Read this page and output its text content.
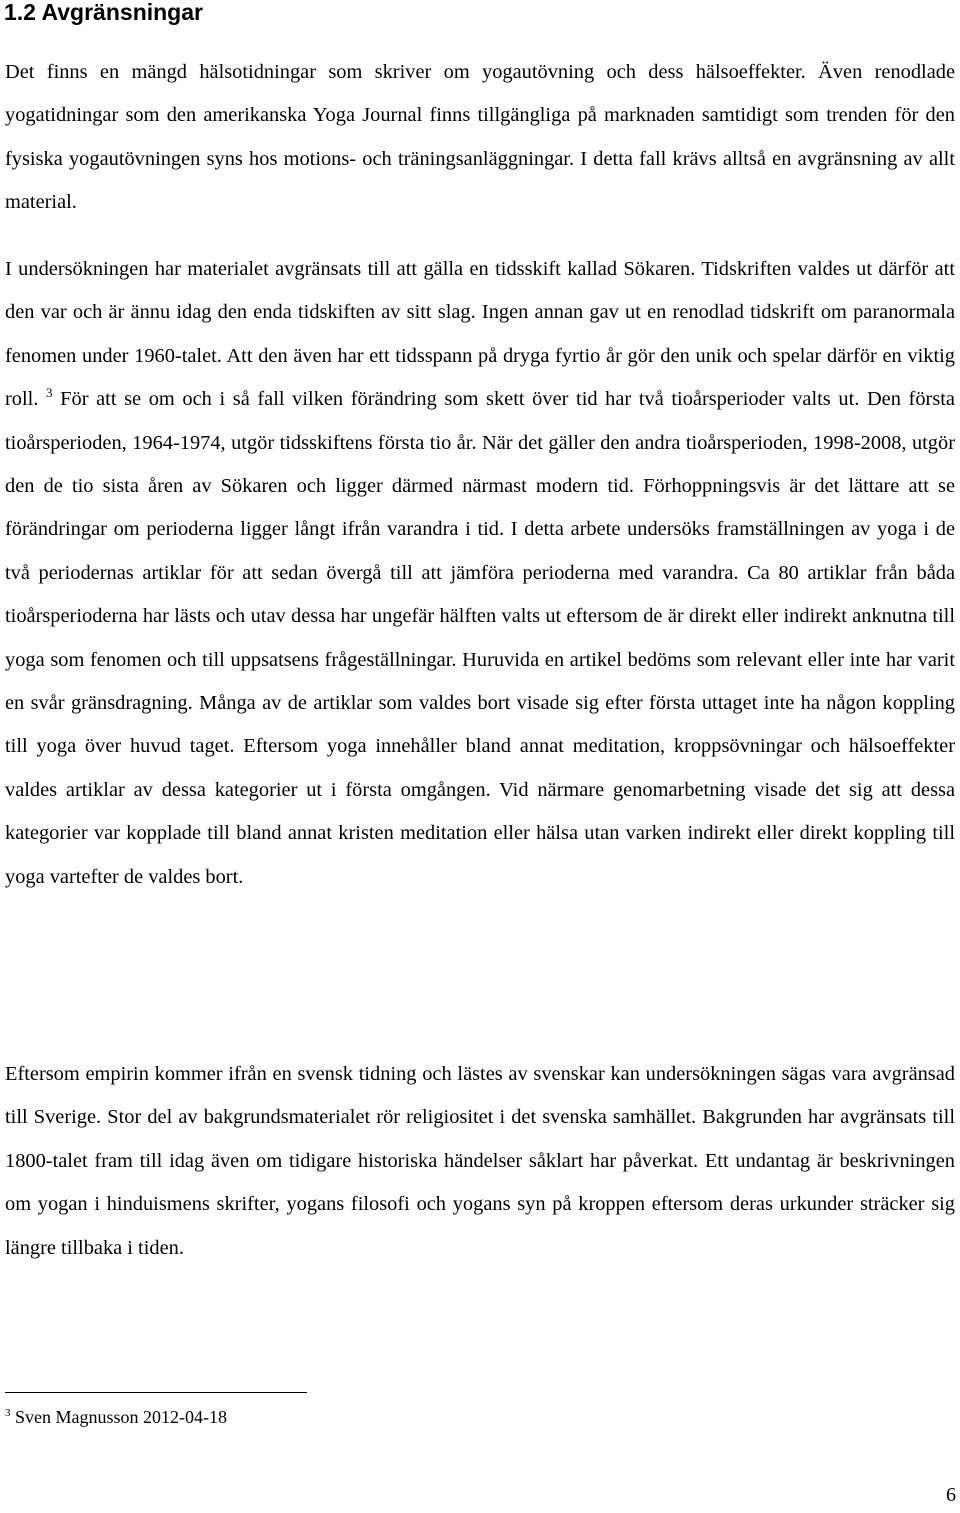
1.2 Avgränsningar

Det finns en mängd hälsotidningar som skriver om yogautövning och dess hälsoeffekter. Även renodlade yogatidningar som den amerikanska Yoga Journal finns tillgängliga på marknaden samtidigt som trenden för den fysiska yogautövningen syns hos motions- och träningsanläggningar. I detta fall krävs alltså en avgränsning av allt material.

I undersökningen har materialet avgränsats till att gälla en tidsskift kallad Sökaren. Tidskriften valdes ut därför att den var och är ännu idag den enda tidskiften av sitt slag. Ingen annan gav ut en renodlad tidskrift om paranormala fenomen under 1960-talet. Att den även har ett tidsspann på dryga fyrtio år gör den unik och spelar därför en viktig roll. $^3$ För att se om och i så fall vilken förändring som skett över tid har två tioårsperioder valts ut. Den första tioårsperioden, 1964-1974, utgör tidsskiftens första tio år. När det gäller den andra tioårsperioden, 1998-2008, utgör den de tio sista åren av Sökaren och ligger därmed närmast modern tid. Förhoppningsvis är det lättare att se förändringar om perioderna ligger långt ifrån varandra i tid. I detta arbete undersöks framställningen av yoga i de två periodernas artiklar för att sedan övergå till att jämföra perioderna med varandra. Ca 80 artiklar från båda tioårsperioderna har lästs och utav dessa har ungefär hälften valts ut eftersom de är direkt eller indirekt anknutna till yoga som fenomen och till uppsatsens frågeställningar. Huruvida en artikel bedöms som relevant eller inte har varit en svår gränsdragning. Många av de artiklar som valdes bort visade sig efter första uttaget inte ha någon koppling till yoga över huvud taget. Eftersom yoga innehåller bland annat meditation, kroppsövningar och hälsoeffekter valdes artiklar av dessa kategorier ut i första omgången. Vid närmare genomarbetning visade det sig att dessa kategorier var kopplade till bland annat kristen meditation eller hälsa utan varken indirekt eller direkt koppling till yoga vartefter de valdes bort.

Eftersom empirin kommer ifrån en svensk tidning och lästes av svenskar kan undersökningen sägas vara avgränsad till Sverige. Stor del av bakgrundsmaterialet rör religiositet i det svenska samhället. Bakgrunden har avgränsats till 1800-talet fram till idag även om tidigare historiska händelser såklart har påverkat. Ett undantag är beskrivningen om yogan i hinduismens skrifter, yogans filosofi och yogans syn på kroppen eftersom deras urkunder sträcker sig längre tillbaka i tiden.

$^3$ Sven Magnusson 2012-04-18

6
